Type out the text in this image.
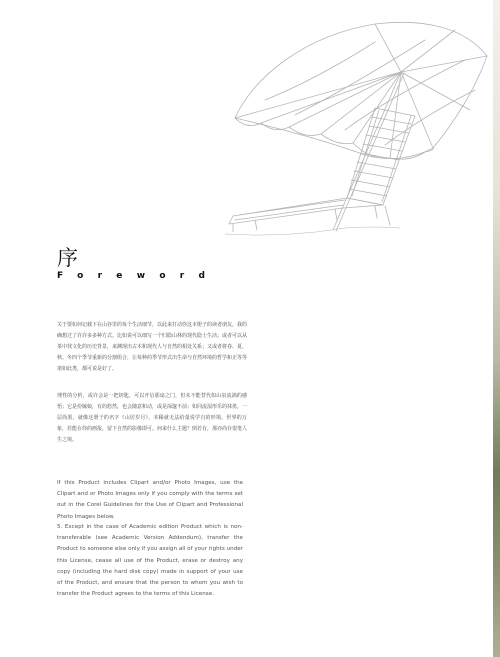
序
Foreword

关于要如何记载下在山谷里的每个生活细节，以此来打动你这本册子的读者朋友，我的确想过了许许多多种方式。比如说可以细写一个归隐山林的现代隐士生活；或者可以从茶中找文化的历史背景，来渊现出古木和现代人与自然的相处关系；又或者将春、夏、秋、冬四个季节重新的分割组合，让每种的季节形式出生命与自然环境的哲学和正等等诸如此类，都可说是好了。

理性的分析，或许会是一把钥匙，可以开启那扇之门，但未不能替代如山泉流淌的感悟；它是份嫁娘，有的悠然，也会随意和动，或是深邃不前；如同流湿形乐的抹墨，一层尚墨，就像这册子的名字《山居岁月》，本稀就无法给量说学自的形境。世界的万象，若能在你的画报，留下自然的影像即可。何来什么主题？倒若有，那亦尚存很笔人生之境。

If this Product includes Clipart and/or Photo Images, use the Clipart and or Photo Images only if you comply with the terms set out in the Corel Guidelines for the Use of Clipart and Professional Photo Images below.

5. Except in the case of Academic edition Product which is non-transferable (see Academic Version Addendum), transfer the Product to someone else only if you assign all of your rights under this License, cease all use of the Product, erase or destroy any copy (including the hard disk copy) made in support of your use of the Product, and ensure that the person to whom you wish to transfer the Product agrees to the terms of this License.
